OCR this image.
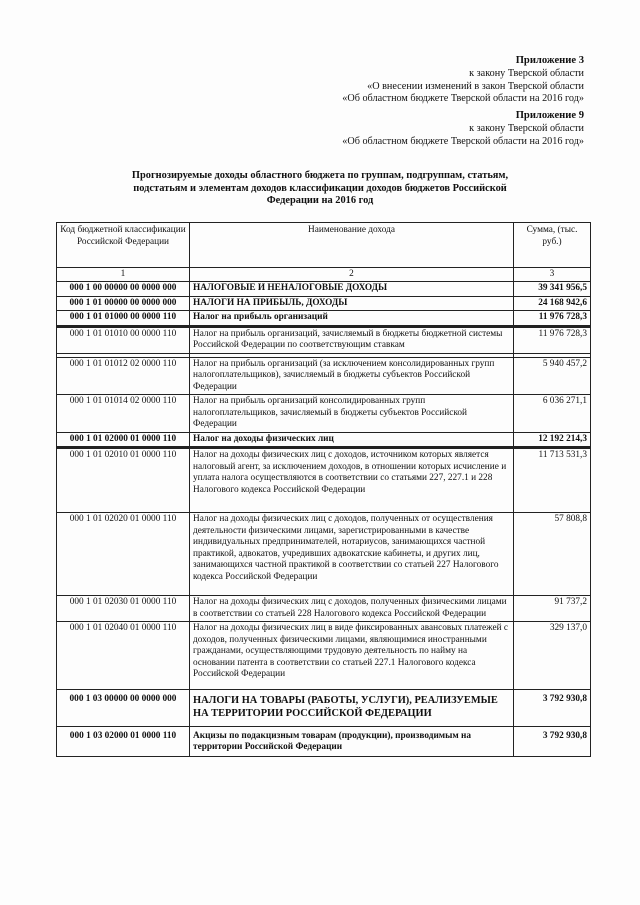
Приложение 3
к закону Тверской области
«О внесении изменений в закон Тверской области
«Об областном бюджете Тверской области на 2016 год»
Приложение 9
к закону Тверской области
«Об областном бюджете Тверской области на 2016 год»
Прогнозируемые доходы областного бюджета по группам, подгруппам, статьям, подстатьям и элементам доходов классификации доходов бюджетов Российской Федерации на 2016 год
Код бюджетной классификации Российской Федерации	Наименование дохода	Сумма, (тыс. руб.)
1	2	3
000 1 00 00000 00 0000 000	НАЛОГОВЫЕ И НЕНАЛОГОВЫЕ ДОХОДЫ	39 341 956,5
000 1 01 00000 00 0000 000	НАЛОГИ НА ПРИБЫЛЬ, ДОХОДЫ	24 168 942,6
000 1 01 01000 00 0000 110	Налог на прибыль организаций	11 976 728,3
000 1 01 01010 00 0000 110	Налог на прибыль организаций, зачисляемый в бюджеты бюджетной системы Российской Федерации по соответствующим ставкам	11 976 728,3

000 1 01 01012 02 0000 110	Налог на прибыль организаций (за исключением консолидированных групп налогоплательщиков), зачисляемый в бюджеты субъектов Российской Федерации	5 940 457,2
000 1 01 01014 02 0000 110	Налог на прибыль организаций консолидированных групп налогоплательщиков, зачисляемый в бюджеты субъектов Российской Федерации	6 036 271,1
000 1 01 02000 01 0000 110	Налог на доходы физических лиц	12 192 214,3
000 1 01 02010 01 0000 110	Налог на доходы физических лиц с доходов, источником которых является налоговый агент, за исключением доходов, в отношении которых исчисление и уплата налога осуществляются в соответствии со статьями 227, 227.1 и 228 Налогового кодекса Российской Федерации	11 713 531,3
000 1 01 02020 01 0000 110	Налог на доходы физических лиц с доходов, полученных от осуществления деятельности физическими лицами, зарегистрированными в качестве индивидуальных предпринимателей, нотариусов, занимающихся частной практикой, адвокатов, учредивших адвокатские кабинеты, и других лиц, занимающихся частной практикой в соответствии со статьей 227 Налогового кодекса Российской Федерации	57 808,8
000 1 01 02030 01 0000 110	Налог на доходы физических лиц с доходов, полученных физическими лицами в соответствии со статьей 228 Налогового кодекса Российской Федерации	91 737,2
000 1 01 02040 01 0000 110	Налог на доходы физических лиц в виде фиксированных авансовых платежей с доходов, полученных физическими лицами, являющимися иностранными гражданами, осуществляющими трудовую деятельность по найму на основании патента в соответствии со статьей 227.1 Налогового кодекса Российской Федерации	329 137,0
000 1 03 00000 00 0000 000	НАЛОГИ НА ТОВАРЫ (РАБОТЫ, УСЛУГИ), РЕАЛИЗУЕМЫЕ НА ТЕРРИТОРИИ РОССИЙСКОЙ ФЕДЕРАЦИИ	3 792 930,8
000 1 03 02000 01 0000 110	Акцизы по подакцизным товарам (продукции), производимым на территории Российской Федерации	3 792 930,8
